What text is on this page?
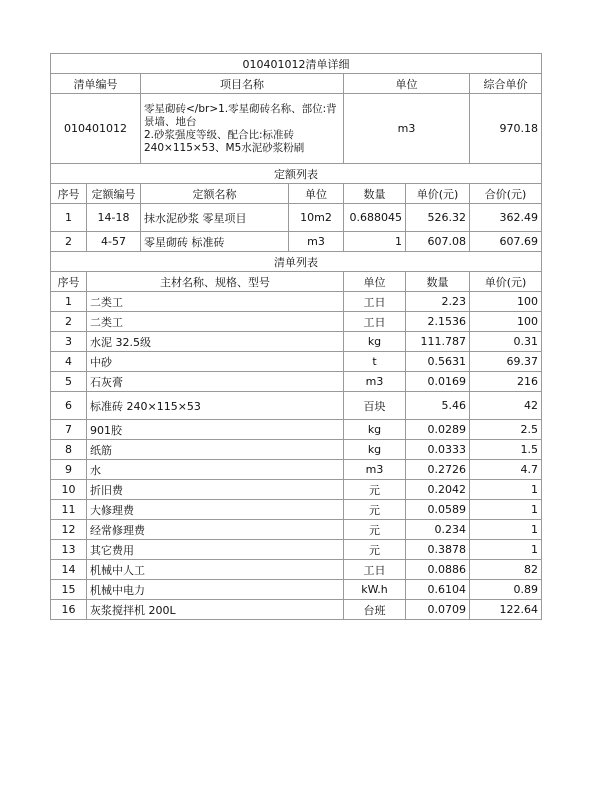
010401012清单详细							
清单编号		项目名称		单位		综合单价	
010401012		零星砌砖</br>1.零星砌砖名称、部位:背景墙、地台
2.砂浆强度等级、配合比:标准砖
240×115×53、M5水泥砂浆粉刷		m3		970.18	
定额列表							
序号	定额编号	定额名称	单位	数量	单价(元)	合价(元)	
1	14-18	抹水泥砂浆 零星项目	10m2	0.688045	526.32	362.49	
2	4-57	零星砌砖 标准砖	m3	1	607.08	607.69	
清单列表							
序号	主材名称、规格、型号			单位	数量	单价(元)	
1	二类工			工日	2.23	100	
2	二类工			工日	2.1536	100	
3	水泥 32.5级			kg	111.787	0.31	
4	中砂			t	0.5631	69.37	
5	石灰膏			m3	0.0169	216	
6	标准砖 240×115×53			百块	5.46	42	
7	901胶			kg	0.0289	2.5	
8	纸筋			kg	0.0333	1.5	
9	水			m3	0.2726	4.7	
10	折旧费			元	0.2042	1	
11	大修理费			元	0.0589	1	
12	经常修理费			元	0.234	1	
13	其它费用			元	0.3878	1	
14	机械中人工			工日	0.0886	82	
15	机械中电力			kW.h	0.6104	0.89	
16	灰浆搅拌机 200L			台班	0.0709	122.64	
